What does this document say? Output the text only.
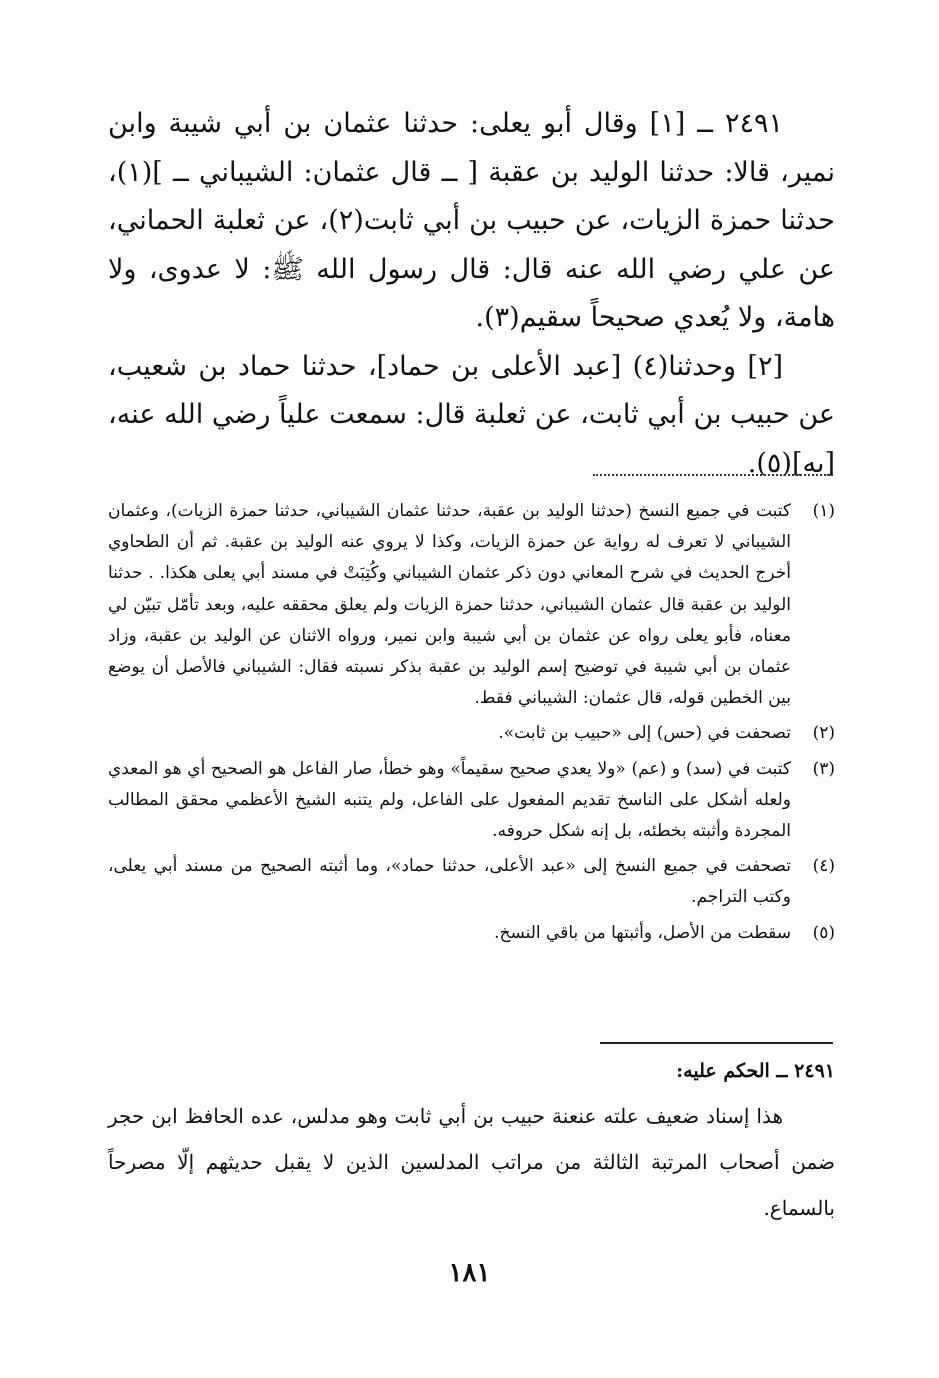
٢٤٩١ ــ [١] وقال أبو يعلى: حدثنا عثمان بن أبي شيبة وابن نمير، قالا: حدثنا الوليد بن عقبة [ ــ قال عثمان: الشيباني ــ ](١)، حدثنا حمزة الزيات، عن حبيب بن أبي ثابت(٢)، عن ثعلبة الحماني، عن علي رضي الله عنه قال: قال رسول الله ﷺ: لا عدوى، ولا هامة، ولا يُعدي صحيحاً سقيم(٣).

[٢] وحدثنا(٤) [عبد الأعلى بن حماد]، حدثنا حماد بن شعيب، عن حبيب بن أبي ثابت، عن ثعلبة قال: سمعت علياً رضي الله عنه، [به](٥).

(١)
كتبت في جميع النسخ (حدثنا الوليد بن عقبة، حدثنا عثمان الشيباني، حدثنا حمزة الزيات)، وعثمان الشيباني لا تعرف له رواية عن حمزة الزيات، وكذا لا يروي عنه الوليد بن عقبة. ثم أن الطحاوي أخرج الحديث في شرح المعاني دون ذكر عثمان الشيباني وكُتِبَتْ في مسند أبي يعلى هكذا. . حدثنا الوليد بن عقبة قال عثمان الشيباني، حدثنا حمزة الزيات ولم يعلق محققه عليه، وبعد تأمّل تبيّن لي معناه، فأبو يعلى رواه عن عثمان بن أبي شيبة وابن نمير، ورواه الاثنان عن الوليد بن عقبة، وزاد عثمان بن أبي شيبة في توضيح إسم الوليد بن عقبة بذكر نسبته فقال: الشيباني فالأصل أن يوضع بين الخطين قوله، قال عثمان: الشيباني فقط.
(٢)
تصحفت في (حس) إلى «حبيب بن ثابت».
(٣)
كتبت في (سد) و (عم) «ولا يعدي صحيح سقيماً» وهو خطأ، صار الفاعل هو الصحيح أي هو المعدي ولعله أشكل على الناسخ تقديم المفعول على الفاعل، ولم يتنبه الشيخ الأعظمي محقق المطالب المجردة وأثبته بخطئه، بل إنه شكل حروفه.
(٤)
تصحفت في جميع النسخ إلى «عبد الأعلى، حدثنا حماد»، وما أثبته الصحيح من مسند أبي يعلى، وكتب التراجم.
(٥)
سقطت من الأصل، وأثبتها من باقي النسخ.

٢٤٩١ ــ الحكم عليه:

هذا إسناد ضعيف علته عنعنة حبيب بن أبي ثابت وهو مدلس، عده الحافظ ابن حجر ضمن أصحاب المرتبة الثالثة من مراتب المدلسين الذين لا يقبل حديثهم إلّا مصرحاً بالسماع.

١٨١
